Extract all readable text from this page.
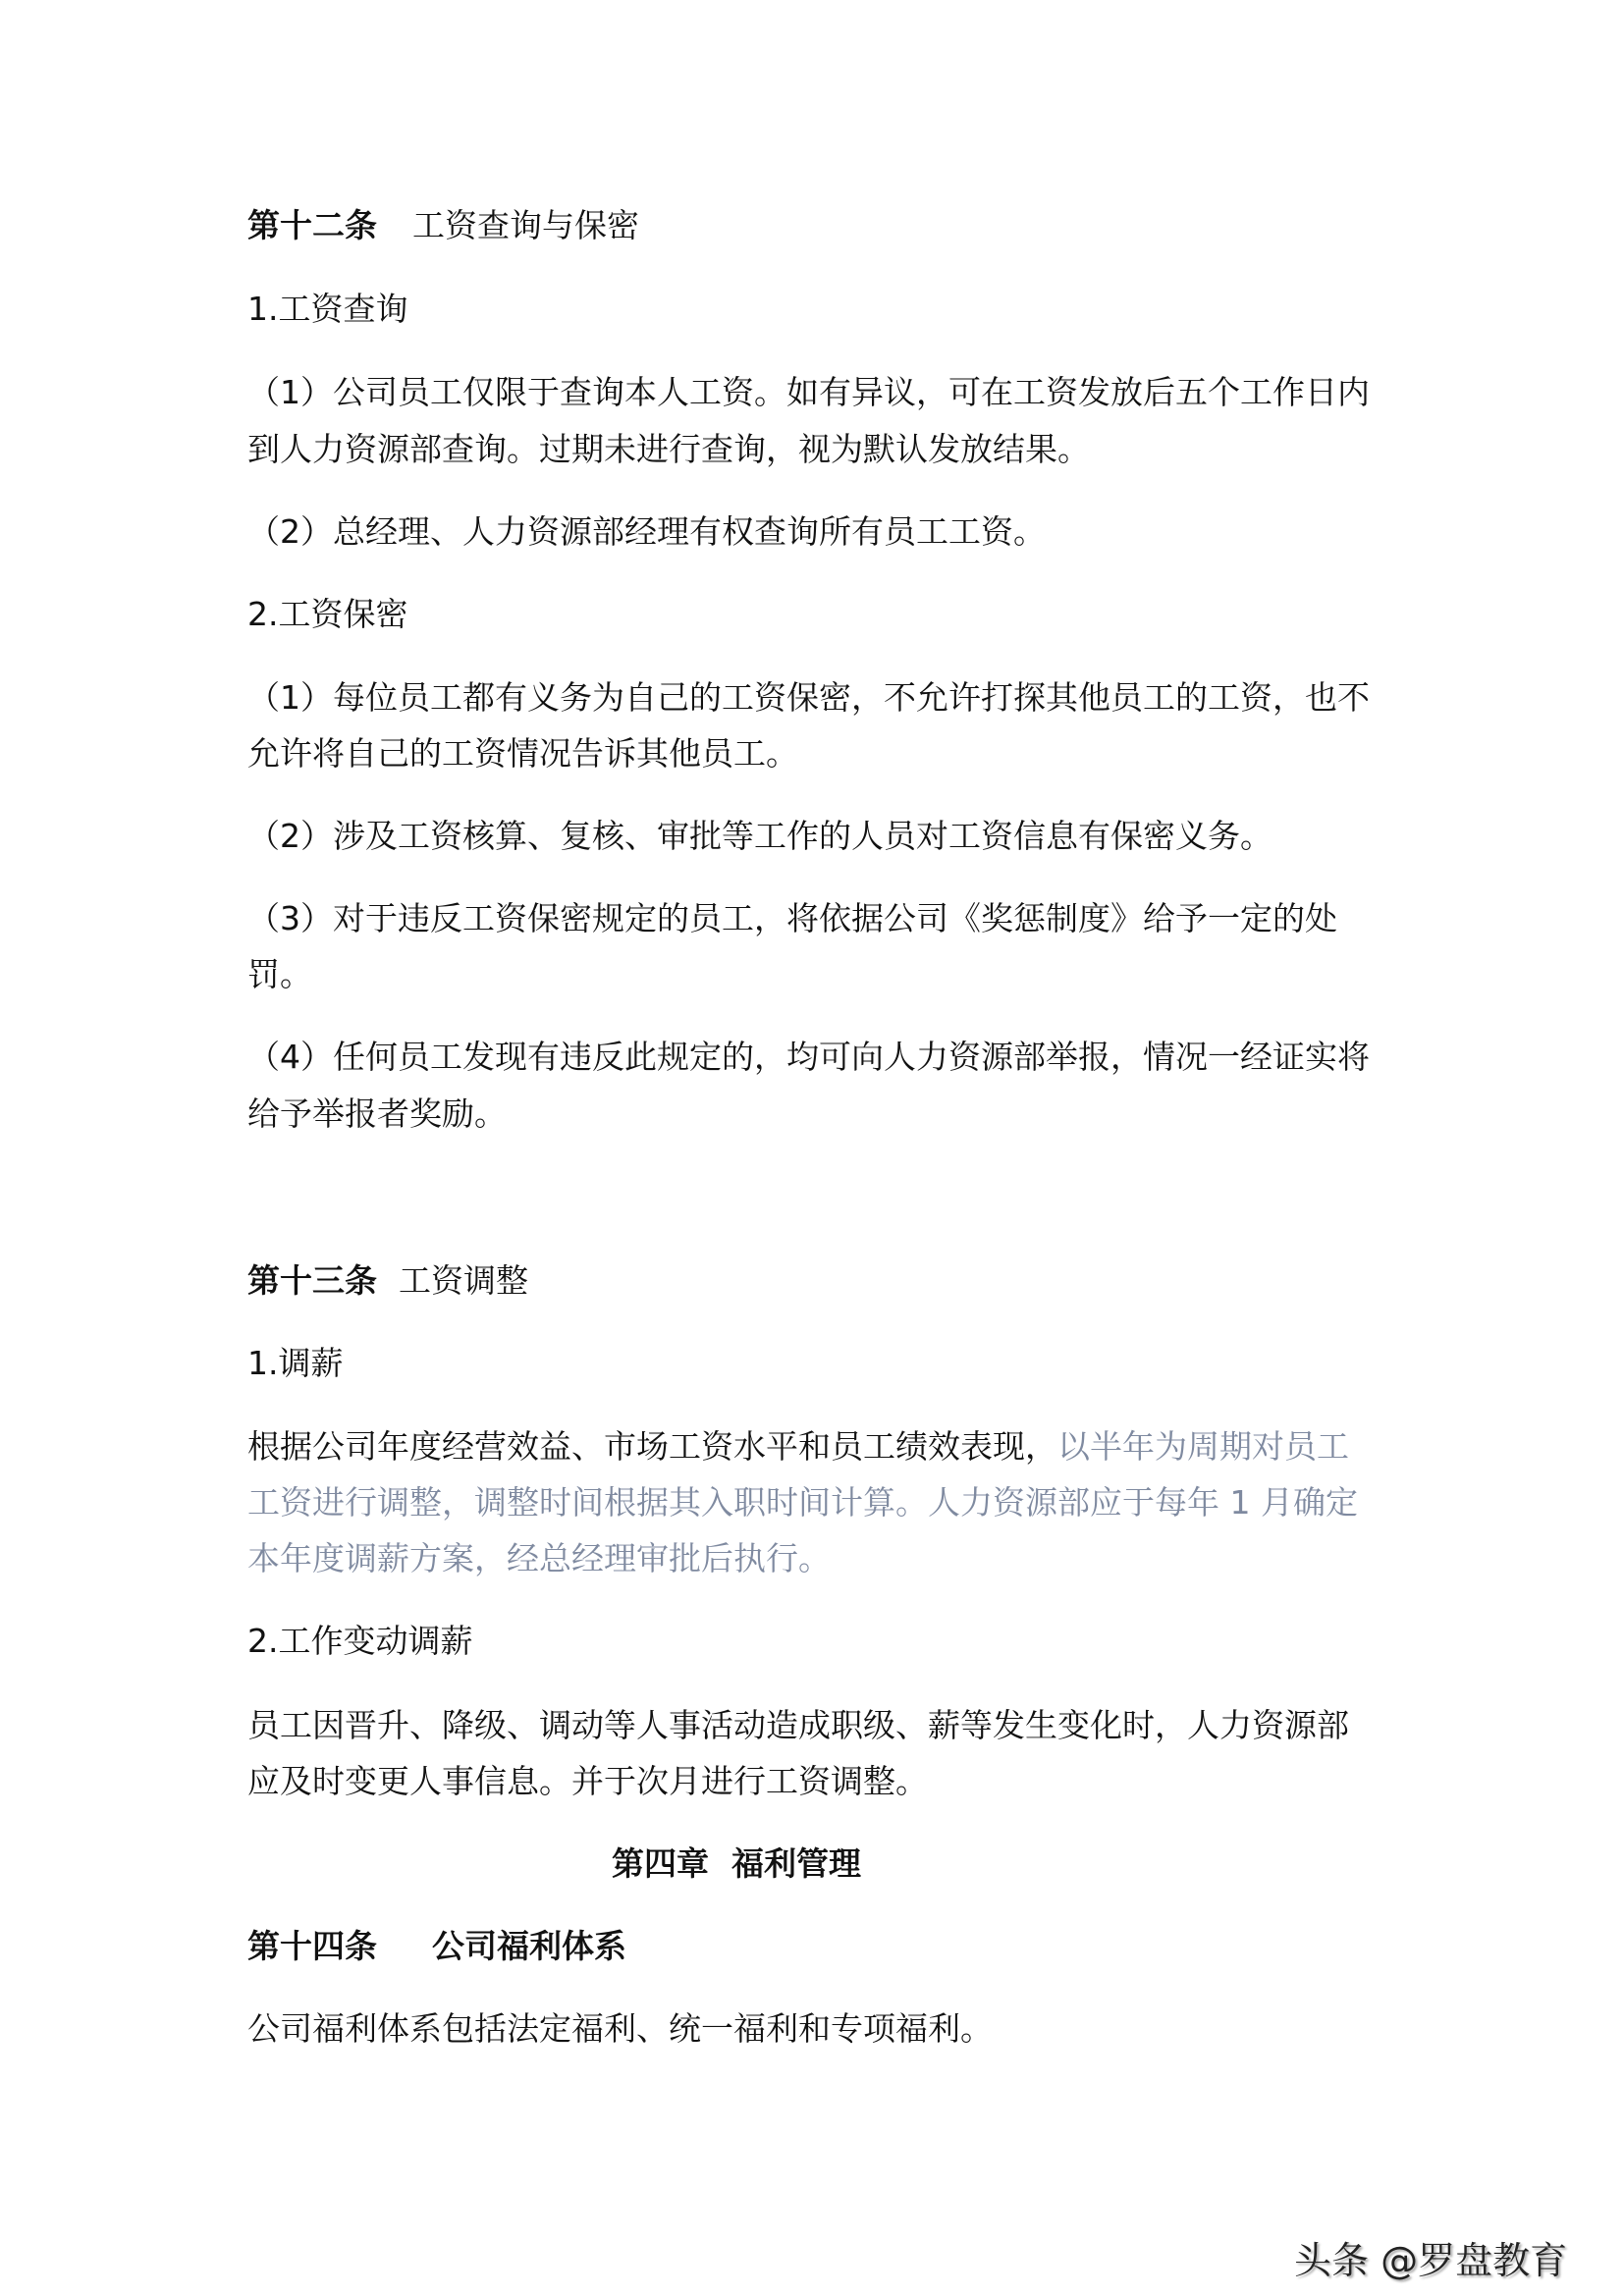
第十二条 工资查询与保密
1.工资查询
（1）公司员工仅限于查询本人工资。如有异议，可在工资发放后五个工作日内
到人力资源部查询。过期未进行查询，视为默认发放结果。
（2）总经理、人力资源部经理有权查询所有员工工资。
2.工资保密
（1）每位员工都有义务为自己的工资保密，不允许打探其他员工的工资，也不
允许将自己的工资情况告诉其他员工。
（2）涉及工资核算、复核、审批等工作的人员对工资信息有保密义务。
（3）对于违反工资保密规定的员工，将依据公司《奖惩制度》给予一定的处
罚。
（4）任何员工发现有违反此规定的，均可向人力资源部举报，情况一经证实将
给予举报者奖励。
第十三条 工资调整
1.调薪
根据公司年度经营效益、市场工资水平和员工绩效表现，以半年为周期对员工
工资进行调整，调整时间根据其入职时间计算。人力资源部应于每年 1 月确定
本年度调薪方案，经总经理审批后执行。
2.工作变动调薪
员工因晋升、降级、调动等人事活动造成职级、薪等发生变化时，人力资源部
应及时变更人事信息。并于次月进行工资调整。
第四章  福利管理
第十四条 公司福利体系
公司福利体系包括法定福利、统一福利和专项福利。
头条 @罗盘教育
